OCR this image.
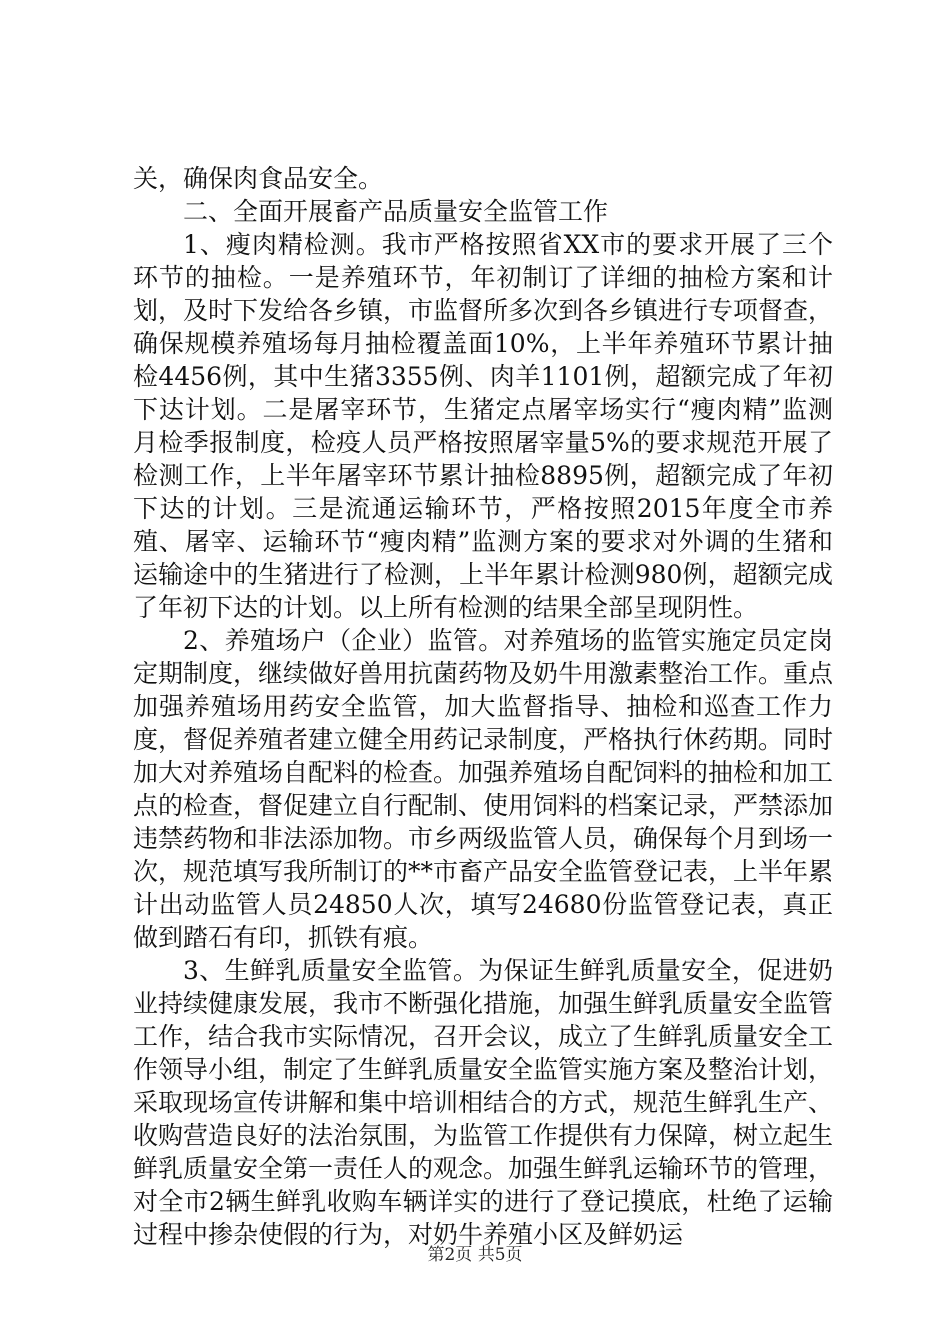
关，确保肉食品安全。

二、全面开展畜产品质量安全监管工作

1、瘦肉精检测。我市严格按照省XX市的要求开展了三个环节的抽检。一是养殖环节，年初制订了详细的抽检方案和计划，及时下发给各乡镇，市监督所多次到各乡镇进行专项督查，确保规模养殖场每月抽检覆盖面10%，上半年养殖环节累计抽检4456例，其中生猪3355例、肉羊1101例，超额完成了年初下达计划。二是屠宰环节，生猪定点屠宰场实行“瘦肉精”监测月检季报制度，检疫人员严格按照屠宰量5%的要求规范开展了检测工作，上半年屠宰环节累计抽检8895例，超额完成了年初下达的计划。三是流通运输环节，严格按照2015年度全市养殖、屠宰、运输环节“瘦肉精”监测方案的要求对外调的生猪和运输途中的生猪进行了检测，上半年累计检测980例，超额完成了年初下达的计划。以上所有检测的结果全部呈现阴性。

2、养殖场户（企业）监管。对养殖场的监管实施定员定岗定期制度，继续做好兽用抗菌药物及奶牛用激素整治工作。重点加强养殖场用药安全监管，加大监督指导、抽检和巡查工作力度，督促养殖者建立健全用药记录制度，严格执行休药期。同时加大对养殖场自配料的检查。加强养殖场自配饲料的抽检和加工点的检查，督促建立自行配制、使用饲料的档案记录，严禁添加违禁药物和非法添加物。市乡两级监管人员，确保每个月到场一次，规范填写我所制订的**市畜产品安全监管登记表，上半年累计出动监管人员24850人次，填写24680份监管登记表，真正做到踏石有印，抓铁有痕。

3、生鲜乳质量安全监管。为保证生鲜乳质量安全，促进奶业持续健康发展，我市不断强化措施，加强生鲜乳质量安全监管工作，结合我市实际情况，召开会议，成立了生鲜乳质量安全工作领导小组，制定了生鲜乳质量安全监管实施方案及整治计划，采取现场宣传讲解和集中培训相结合的方式，规范生鲜乳生产、收购营造良好的法治氛围，为监管工作提供有力保障，树立起生鲜乳质量安全第一责任人的观念。加强生鲜乳运输环节的管理，对全市2辆生鲜乳收购车辆详实的进行了登记摸底，杜绝了运输过程中掺杂使假的行为，对奶牛养殖小区及鲜奶运

第2页 共5页
